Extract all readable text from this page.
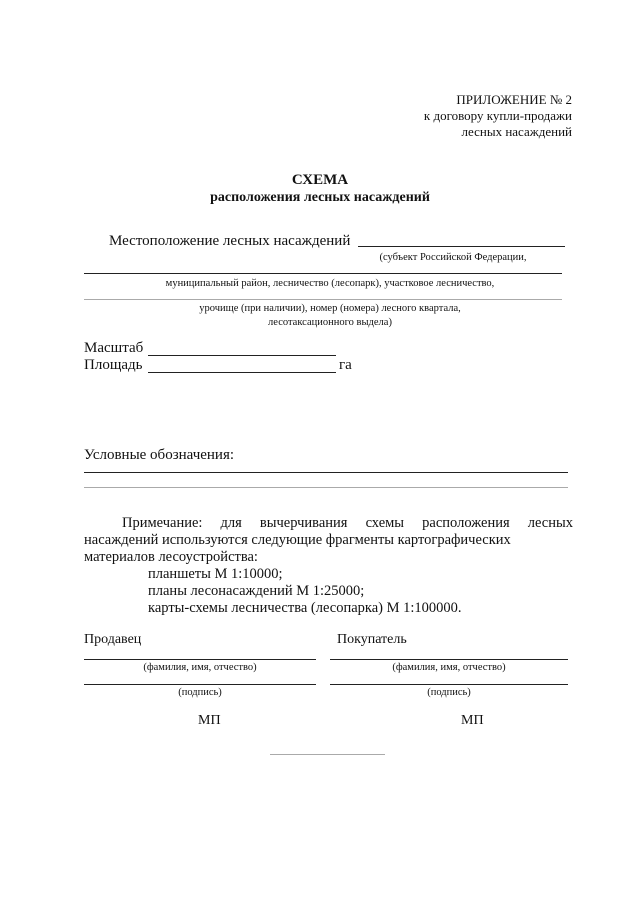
ПРИЛОЖЕНИЕ № 2
к договору купли-продажи
лесных насаждений
СХЕМА
расположения лесных насаждений
Местоположение лесных насаждений
(субъект Российской Федерации,
муниципальный район, лесничество (лесопарк), участковое лесничество,
урочище (при наличии), номер (номера) лесного квартала,
лесотаксационного выдела)
Масштаб
Площадь	га
Условные обозначения:

Примечание: для вычерчивания схемы расположения лесных насаждений используются следующие фрагменты картографических

материалов лесоустройства:

планшеты М 1:10000;
планы лесонасаждений М 1:25000;
карты-схемы лесничества (лесопарка) М 1:100000.
Продавец	Покупатель
(фамилия, имя, отчество)	(фамилия, имя, отчество)
(подпись)	(подпись)
МП	МП
